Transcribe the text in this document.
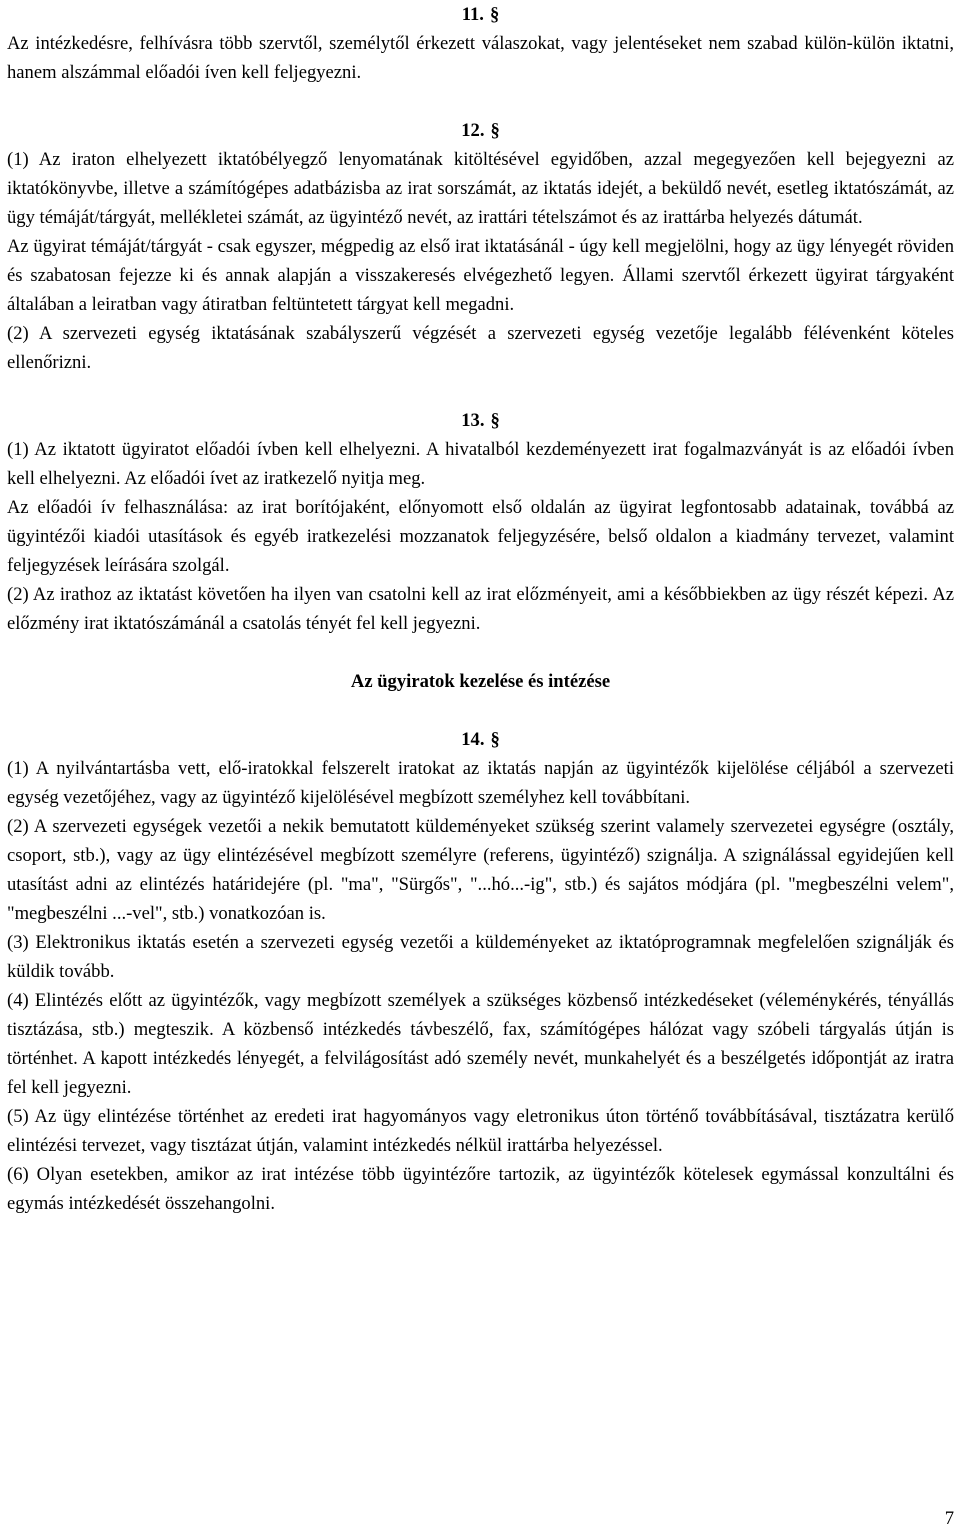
11. §

Az intézkedésre, felhívásra több szervtől, személytől érkezett válaszokat, vagy jelentéseket nem szabad külön-külön iktatni, hanem alszámmal előadói íven kell feljegyezni.

12. §

(1) Az iraton elhelyezett iktatóbélyegző lenyomatának kitöltésével egyidőben, azzal megegyezően kell bejegyezni az iktatókönyvbe, illetve a számítógépes adatbázisba az irat sorszámát, az iktatás idejét, a beküldő nevét, esetleg iktatószámát, az ügy témáját/tárgyát, mellékletei számát, az ügyintéző nevét, az irattári tételszámot és az irattárba helyezés dátumát.

Az ügyirat témáját/tárgyát - csak egyszer, mégpedig az első irat iktatásánál - úgy kell megjelölni, hogy az ügy lényegét röviden és szabatosan fejezze ki és annak alapján a visszakeresés elvégezhető legyen. Állami szervtől érkezett ügyirat tárgyaként általában a leiratban vagy átiratban feltüntetett tárgyat kell megadni.

(2) A szervezeti egység iktatásának szabályszerű végzését a szervezeti egység vezetője legalább félévenként köteles ellenőrizni.

13. §

(1) Az iktatott ügyiratot előadói ívben kell elhelyezni. A hivatalból kezdeményezett irat fogalmazványát is az előadói ívben kell elhelyezni. Az előadói ívet az iratkezelő nyitja meg.

Az előadói ív felhasználása: az irat borítójaként, előnyomott első oldalán az ügyirat legfontosabb adatainak, továbbá az ügyintézői kiadói utasítások és egyéb iratkezelési mozzanatok feljegyzésére, belső oldalon a kiadmány tervezet, valamint feljegyzések leírására szolgál.

(2) Az irathoz az iktatást követően ha ilyen van csatolni kell az irat előzményeit, ami a későbbiekben az ügy részét képezi. Az előzmény irat iktatószámánál a csatolás tényét fel kell jegyezni.

Az ügyiratok kezelése és intézése

14. §

(1) A nyilvántartásba vett, elő-iratokkal felszerelt iratokat az iktatás napján az ügyintézők kijelölése céljából a szervezeti egység vezetőjéhez, vagy az ügyintéző kijelölésével megbízott személyhez kell továbbítani.

(2) A szervezeti egységek vezetői a nekik bemutatott küldeményeket szükség szerint valamely szervezetei egységre (osztály, csoport, stb.), vagy az ügy elintézésével megbízott személyre (referens, ügyintéző) szignálja. A szignálással egyidejűen kell utasítást adni az elintézés határidejére (pl. "ma", "Sürgős", "...hó...-ig", stb.) és sajátos módjára (pl. "megbeszélni velem", "megbeszélni ...-vel", stb.) vonatkozóan is.

(3) Elektronikus iktatás esetén a szervezeti egység vezetői a küldeményeket az iktatóprogramnak megfelelően szignálják és küldik tovább.

(4) Elintézés előtt az ügyintézők, vagy megbízott személyek a szükséges közbenső intézkedéseket (véleménykérés, tényállás tisztázása, stb.) megteszik. A közbenső intézkedés távbeszélő, fax, számítógépes hálózat vagy szóbeli tárgyalás útján is történhet. A kapott intézkedés lényegét, a felvilágosítást adó személy nevét, munkahelyét és a beszélgetés időpontját az iratra fel kell jegyezni.

(5) Az ügy elintézése történhet az eredeti irat hagyományos vagy eletronikus úton történő továbbításával, tisztázatra kerülő elintézési tervezet, vagy tisztázat útján, valamint intézkedés nélkül irattárba helyezéssel.

(6) Olyan esetekben, amikor az irat intézése több ügyintézőre tartozik, az ügyintézők kötelesek egymással konzultálni és egymás intézkedését összehangolni.

7
